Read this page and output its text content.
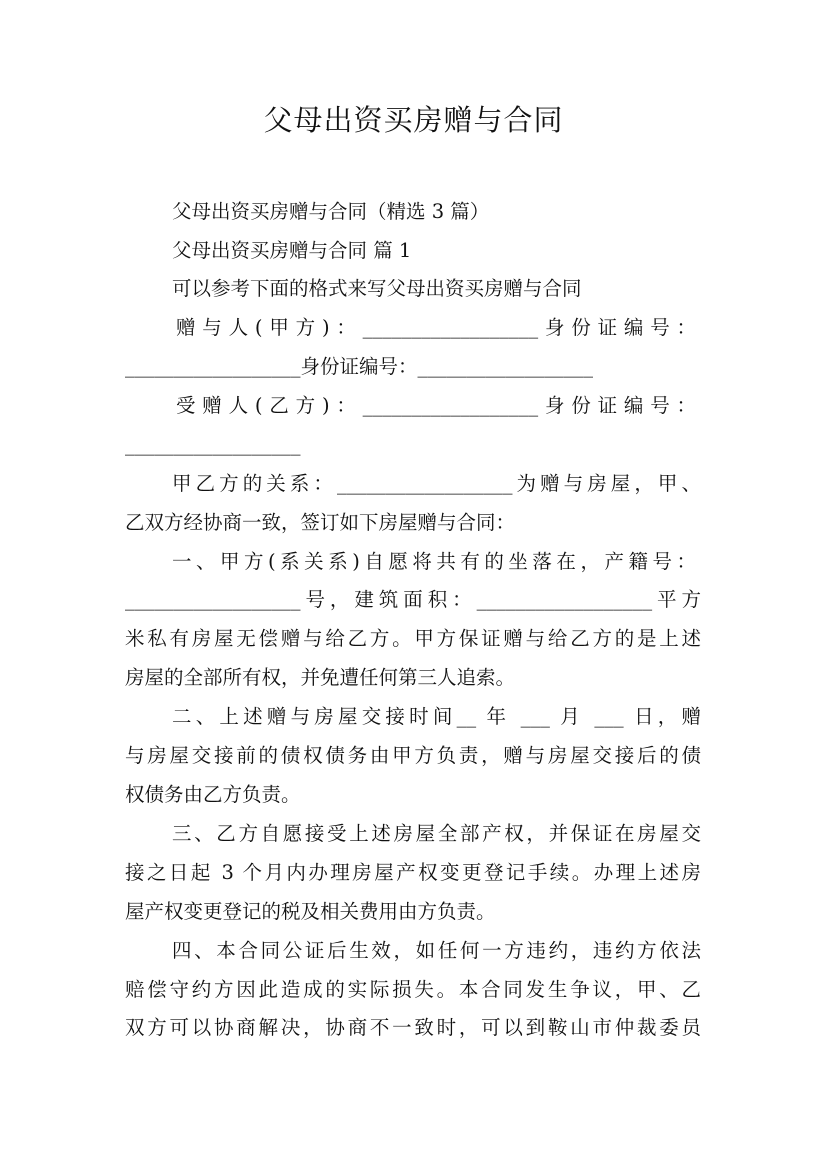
父母出资买房赠与合同
父母出资买房赠与合同（精选 3 篇）
父母出资买房赠与合同 篇 1
可以参考下面的格式来写父母出资买房赠与合同
赠与人(甲方)：__________________身份证编号：
__________________身份证编号：__________________
受赠人(乙方)：__________________身份证编号：
__________________
甲乙方的关系：__________________为赠与房屋，甲、
乙双方经协商一致，签订如下房屋赠与合同：
一、甲方(系关系)自愿将共有的坐落在，产籍号：
__________________号，建筑面积：__________________平方
米私有房屋无偿赠与给乙方。甲方保证赠与给乙方的是上述
房屋的全部所有权，并免遭任何第三人追索。
二、上述赠与房屋交接时间__ 年 ___ 月 ___ 日，赠
与房屋交接前的债权债务由甲方负责，赠与房屋交接后的债
权债务由乙方负责。
三、乙方自愿接受上述房屋全部产权，并保证在房屋交
接之日起 3 个月内办理房屋产权变更登记手续。办理上述房
屋产权变更登记的税及相关费用由方负责。
四、本合同公证后生效，如任何一方违约，违约方依法
赔偿守约方因此造成的实际损失。本合同发生争议，甲、乙
双方可以协商解决，协商不一致时，可以到鞍山市仲裁委员
